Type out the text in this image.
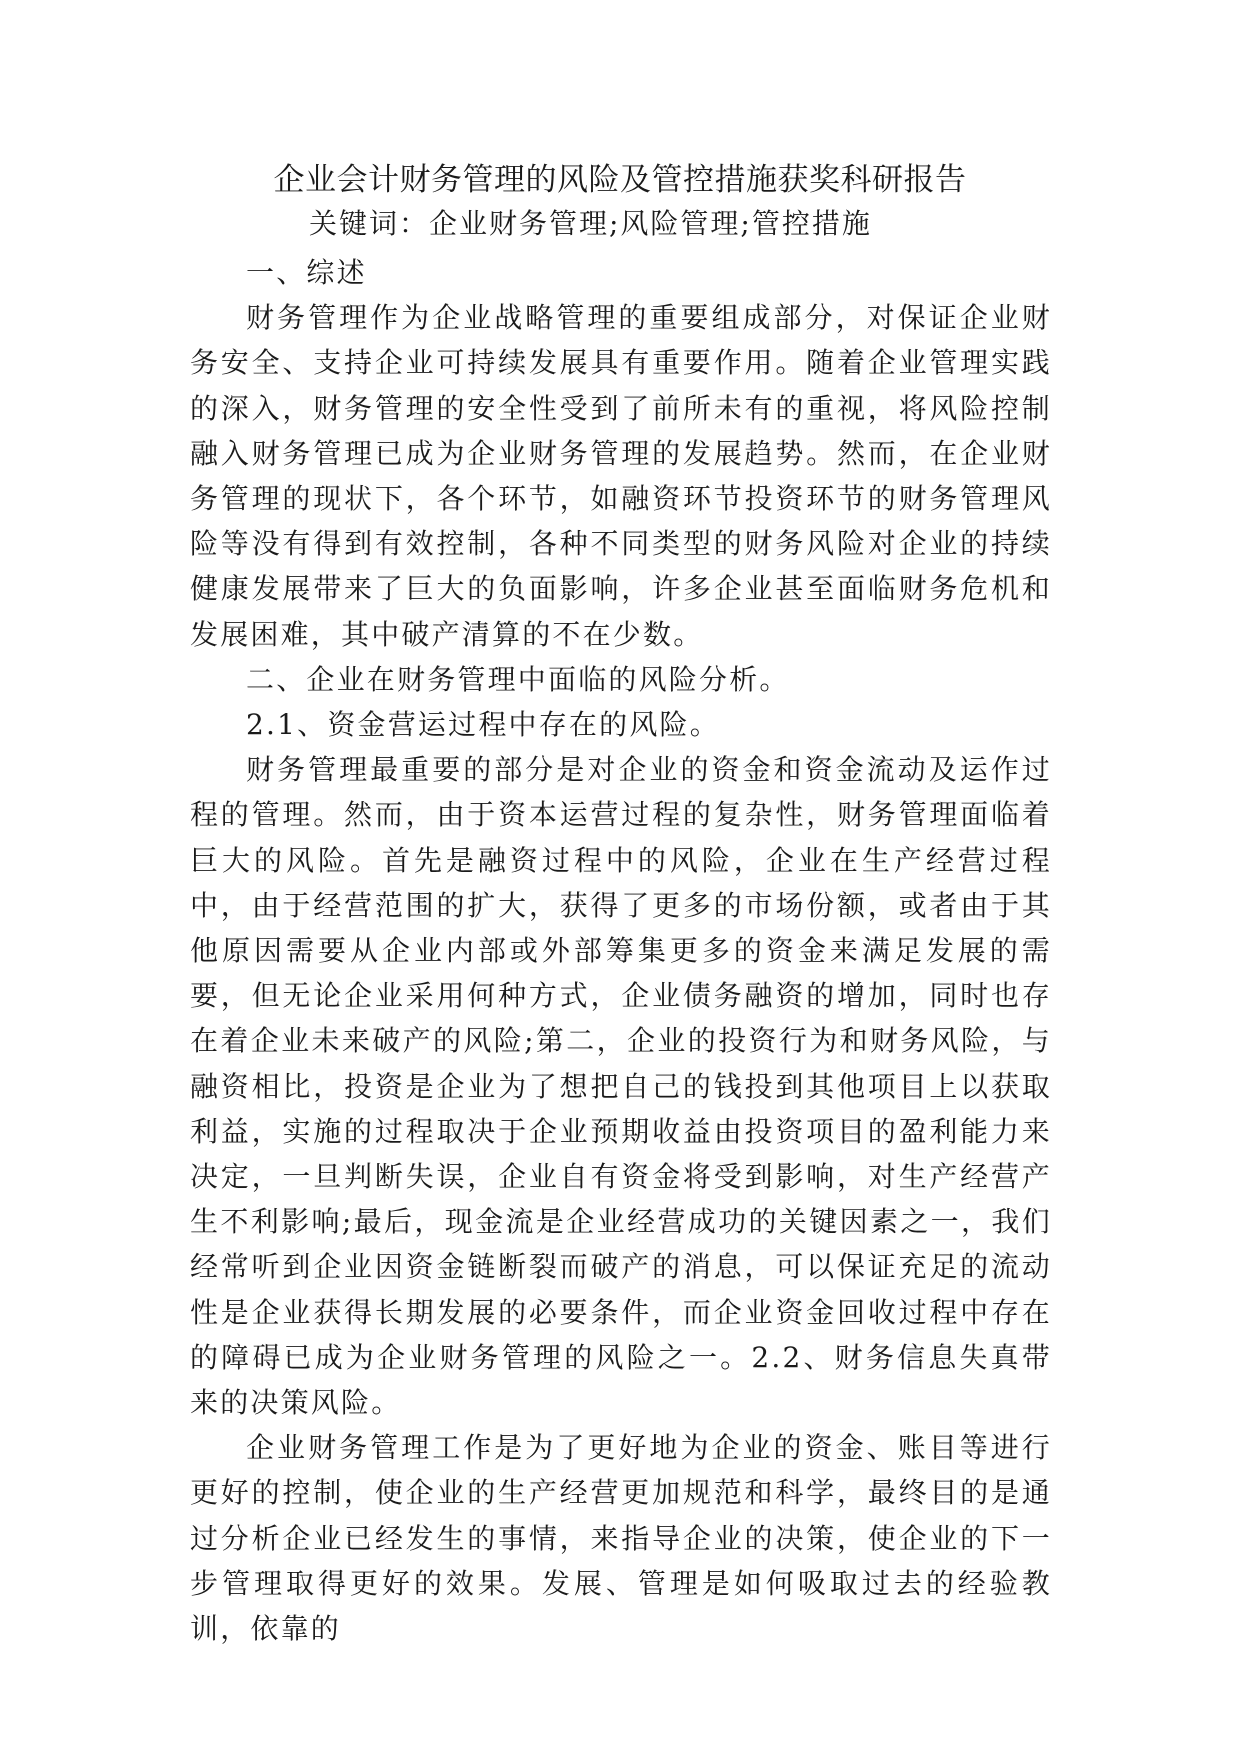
企业会计财务管理的风险及管控措施获奖科研报告
关键词：企业财务管理;风险管理;管控措施

一、综述

财务管理作为企业战略管理的重要组成部分，对保证企业财务安全、支持企业可持续发展具有重要作用。随着企业管理实践的深入，财务管理的安全性受到了前所未有的重视，将风险控制融入财务管理已成为企业财务管理的发展趋势。然而，在企业财务管理的现状下，各个环节，如融资环节投资环节的财务管理风险等没有得到有效控制，各种不同类型的财务风险对企业的持续健康发展带来了巨大的负面影响，许多企业甚至面临财务危机和发展困难，其中破产清算的不在少数。

二、企业在财务管理中面临的风险分析。

2.1、资金营运过程中存在的风险。

财务管理最重要的部分是对企业的资金和资金流动及运作过程的管理。然而，由于资本运营过程的复杂性，财务管理面临着巨大的风险。首先是融资过程中的风险，企业在生产经营过程中，由于经营范围的扩大，获得了更多的市场份额，或者由于其他原因需要从企业内部或外部筹集更多的资金来满足发展的需要，但无论企业采用何种方式，企业债务融资的增加，同时也存在着企业未来破产的风险;第二，企业的投资行为和财务风险，与融资相比，投资是企业为了想把自己的钱投到其他项目上以获取利益，实施的过程取决于企业预期收益由投资项目的盈利能力来决定，一旦判断失误，企业自有资金将受到影响，对生产经营产生不利影响;最后，现金流是企业经营成功的关键因素之一，我们经常听到企业因资金链断裂而破产的消息，可以保证充足的流动性是企业获得长期发展的必要条件，而企业资金回收过程中存在的障碍已成为企业财务管理的风险之一。2.2、财务信息失真带来的决策风险。

企业财务管理工作是为了更好地为企业的资金、账目等进行更好的控制，使企业的生产经营更加规范和科学，最终目的是通过分析企业已经发生的事情，来指导企业的决策，使企业的下一步管理取得更好的效果。发展、管理是如何吸取过去的经验教训，依靠的
